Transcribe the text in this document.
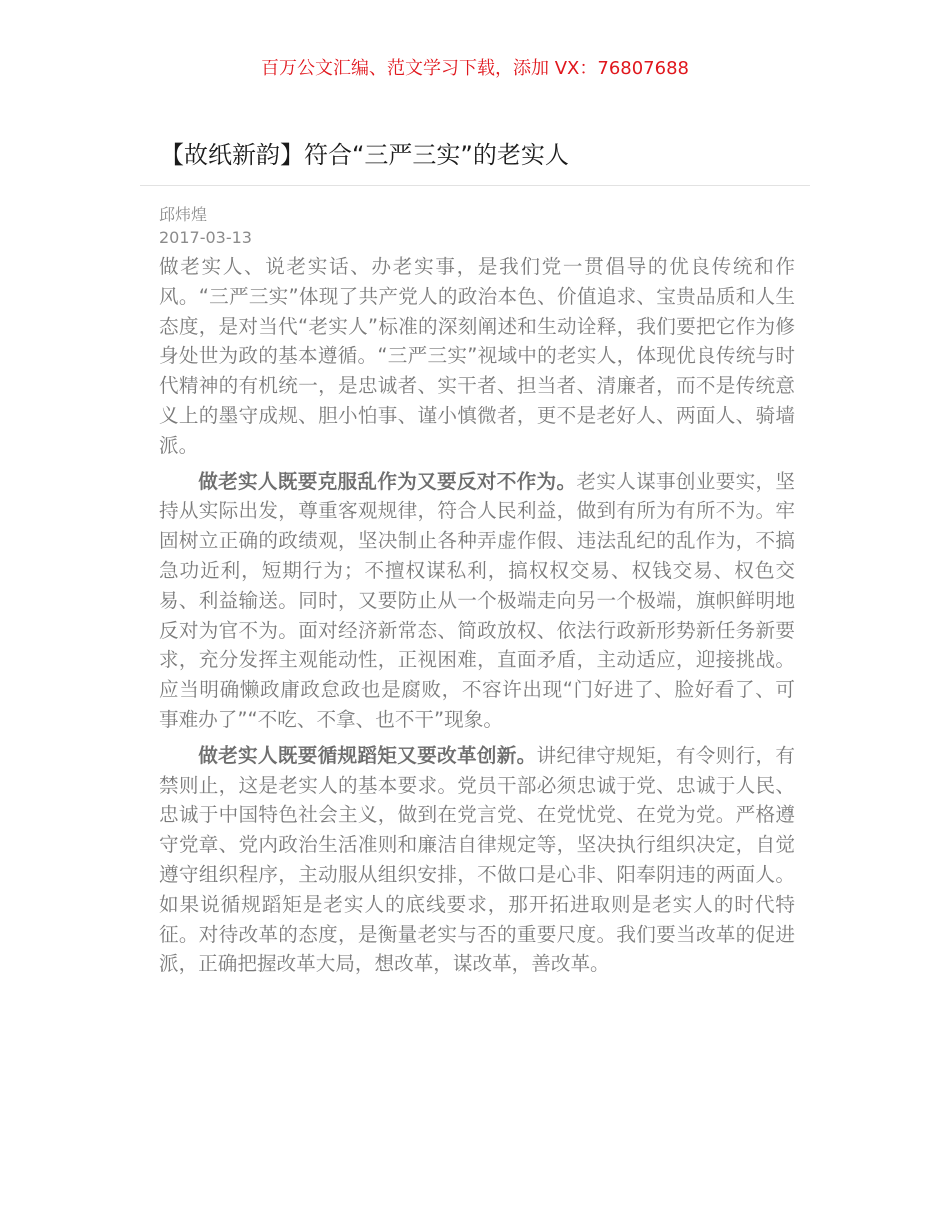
百万公文汇编、范文学习下载，添加 VX：76807688
【故纸新韵】符合“三严三实”的老实人
邱炜煌
2017-03-13

做老实人、说老实话、办老实事，是我们党一贯倡导的优良传统和作风。“三严三实”体现了共产党人的政治本色、价值追求、宝贵品质和人生态度，是对当代“老实人”标准的深刻阐述和生动诠释，我们要把它作为修身处世为政的基本遵循。“三严三实”视域中的老实人，体现优良传统与时代精神的有机统一，是忠诚者、实干者、担当者、清廉者，而不是传统意义上的墨守成规、胆小怕事、谨小慎微者，更不是老好人、两面人、骑墙派。

做老实人既要克服乱作为又要反对不作为。老实人谋事创业要实，坚持从实际出发，尊重客观规律，符合人民利益，做到有所为有所不为。牢固树立正确的政绩观，坚决制止各种弄虚作假、违法乱纪的乱作为，不搞急功近利，短期行为；不擅权谋私利，搞权权交易、权钱交易、权色交易、利益输送。同时，又要防止从一个极端走向另一个极端，旗帜鲜明地反对为官不为。面对经济新常态、简政放权、依法行政新形势新任务新要求，充分发挥主观能动性，正视困难，直面矛盾，主动适应，迎接挑战。应当明确懒政庸政怠政也是腐败，不容许出现“门好进了、脸好看了、可事难办了”“不吃、不拿、也不干”现象。

做老实人既要循规蹈矩又要改革创新。讲纪律守规矩，有令则行，有禁则止，这是老实人的基本要求。党员干部必须忠诚于党、忠诚于人民、忠诚于中国特色社会主义，做到在党言党、在党忧党、在党为党。严格遵守党章、党内政治生活准则和廉洁自律规定等，坚决执行组织决定，自觉遵守组织程序，主动服从组织安排，不做口是心非、阳奉阴违的两面人。如果说循规蹈矩是老实人的底线要求，那开拓进取则是老实人的时代特征。对待改革的态度，是衡量老实与否的重要尺度。我们要当改革的促进派，正确把握改革大局，想改革，谋改革，善改革。
